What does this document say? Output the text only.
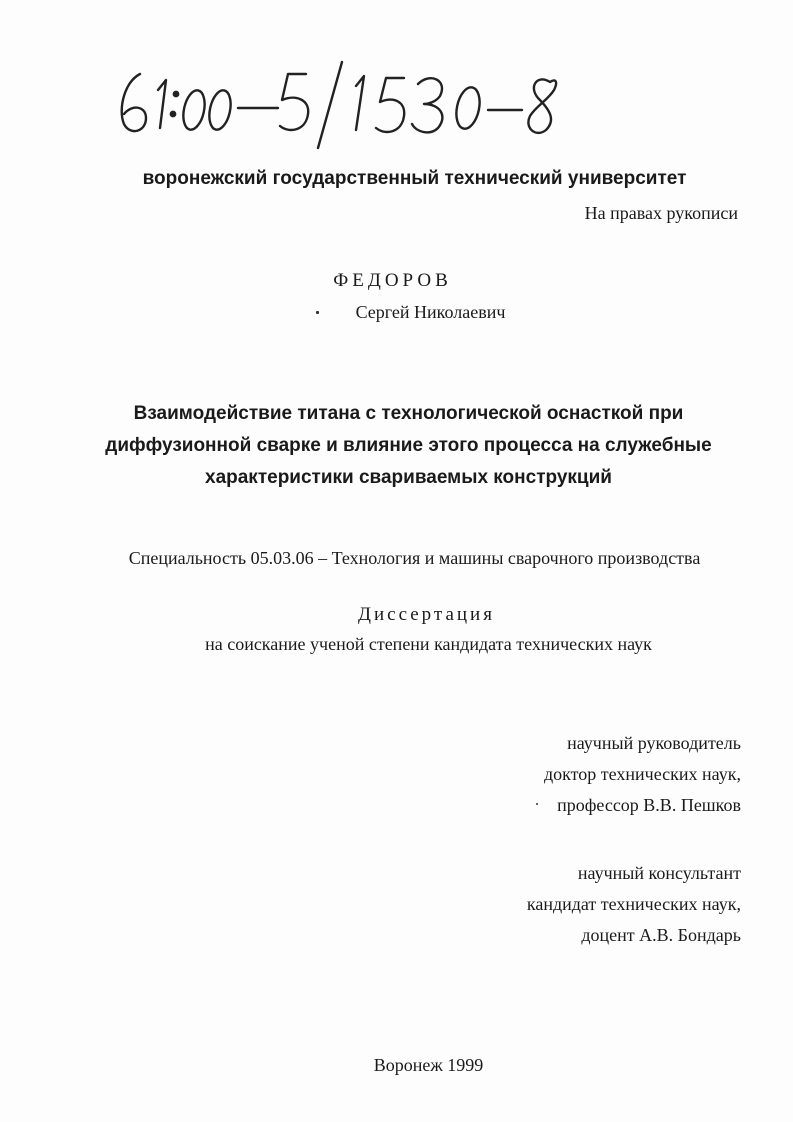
воронежский государственный технический университет
На правах рукописи
ФЕДОРОВ
Сергей Николаевич
Взаимодействие титана с технологической оснасткой при
диффузионной сварке и влияние этого процесса на служебные
характеристики свариваемых конструкций
Специальность 05.03.06 – Технология и машины сварочного производства
Диссертация
на соискание ученой степени кандидата технических наук
научный руководитель
доктор технических наук,
профессор В.В. Пешков
научный консультант
кандидат технических наук,
доцент А.В. Бондарь
Воронеж 1999
